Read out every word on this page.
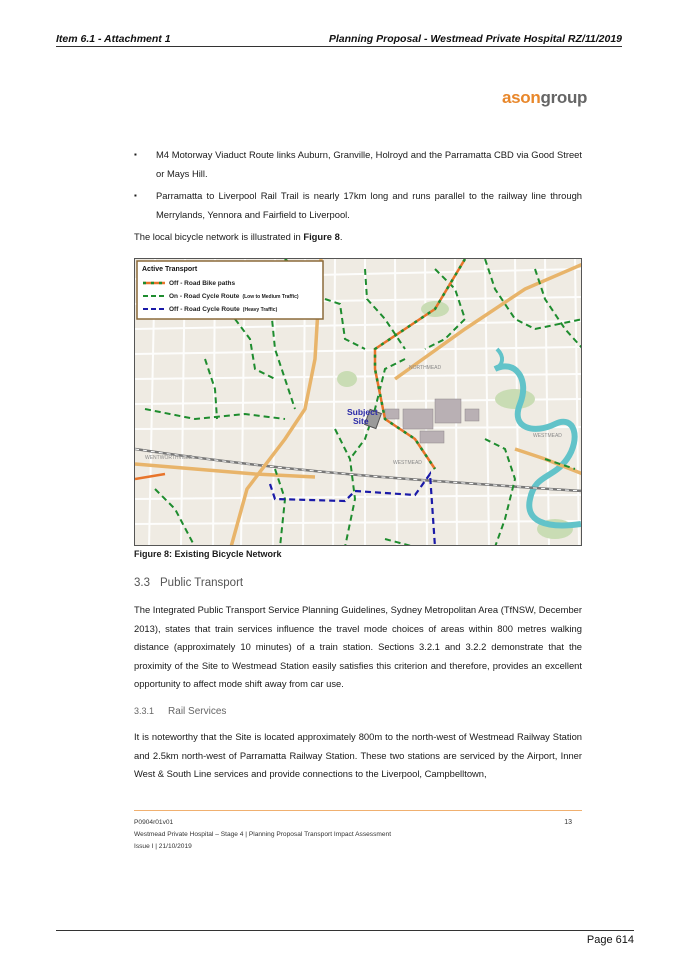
Item 6.1 - Attachment 1	Planning Proposal - Westmead Private Hospital RZ/11/2019
asongroup
▪ M4 Motorway Viaduct Route links Auburn, Granville, Holroyd and the Parramatta CBD via Good Street or Mays Hill.
▪ Parramatta to Liverpool Rail Trail is nearly 17km long and runs parallel to the railway line through Merrylands, Yennora and Fairfield to Liverpool.

The local bicycle network is illustrated in Figure 8.

Subject
Site
NORTHMEAD
WESTMEAD
WESTMEAD
WENTWORTHVILLE
Active Transport
Off - Road Bike paths
On - Road Cycle Route (Low to Medium Traffic)
Off - Road Cycle Route (Heavy Traffic)
Figure 8: Existing Bicycle Network
3.3 Public Transport

The Integrated Public Transport Service Planning Guidelines, Sydney Metropolitan Area (TfNSW, December 2013), states that train services influence the travel mode choices of areas within 800 metres walking distance (approximately 10 minutes) of a train station. Sections 3.2.1 and 3.2.2 demonstrate that the proximity of the Site to Westmead Station easily satisfies this criterion and therefore, provides an excellent opportunity to affect mode shift away from car use.

3.3.1 Rail Services

It is noteworthy that the Site is located approximately 800m to the north-west of Westmead Railway Station and 2.5km north-west of Parramatta Railway Station. These two stations are serviced by the Airport, Inner West & South Line services and provide connections to the Liverpool, Campbelltown,

P0904r01v01
Westmead Private Hospital – Stage 4 | Planning Proposal Transport Impact Assessment
Issue I | 21/10/2019
13
Page 614
